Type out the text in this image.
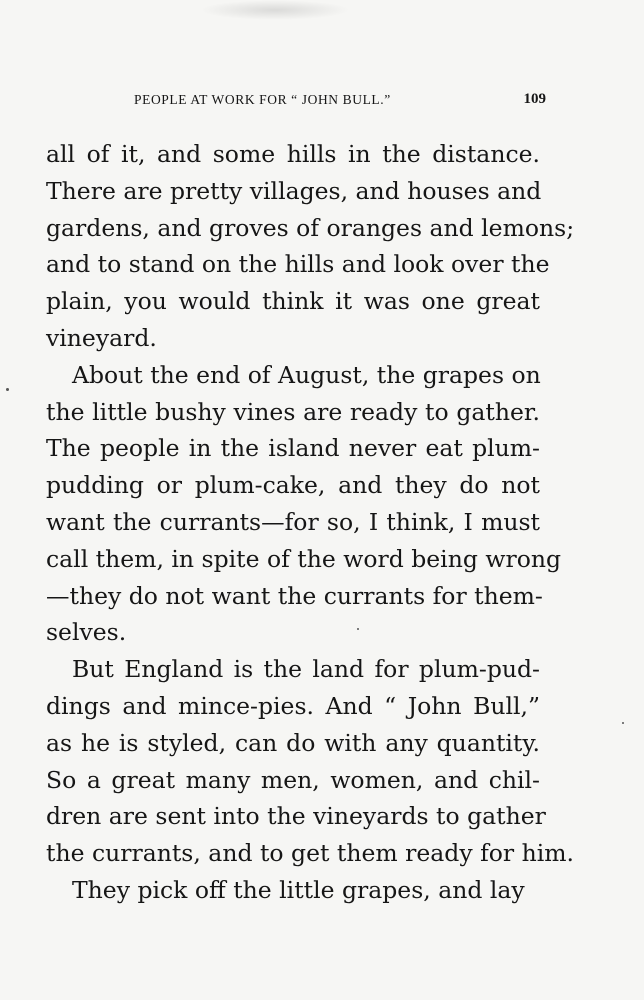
PEOPLE AT WORK FOR “ JOHN BULL.”	109
all of it, and some hills in the distance.
There are pretty villages, and houses and
gardens, and groves of oranges and lemons;
and to stand on the hills and look over the
plain, you would think it was one great
vineyard.
About the end of August, the grapes on
the little bushy vines are ready to gather.
The people in the island never eat plum-
pudding or plum-cake, and they do not
want the currants—for so, I think, I must
call them, in spite of the word being wrong
—they do not want the currants for them-
selves.
But England is the land for plum-pud-
dings and mince-pies. And “ John Bull,”
as he is styled, can do with any quantity.
So a great many men, women, and chil-
dren are sent into the vineyards to gather
the currants, and to get them ready for him.
They pick off the little grapes, and lay
